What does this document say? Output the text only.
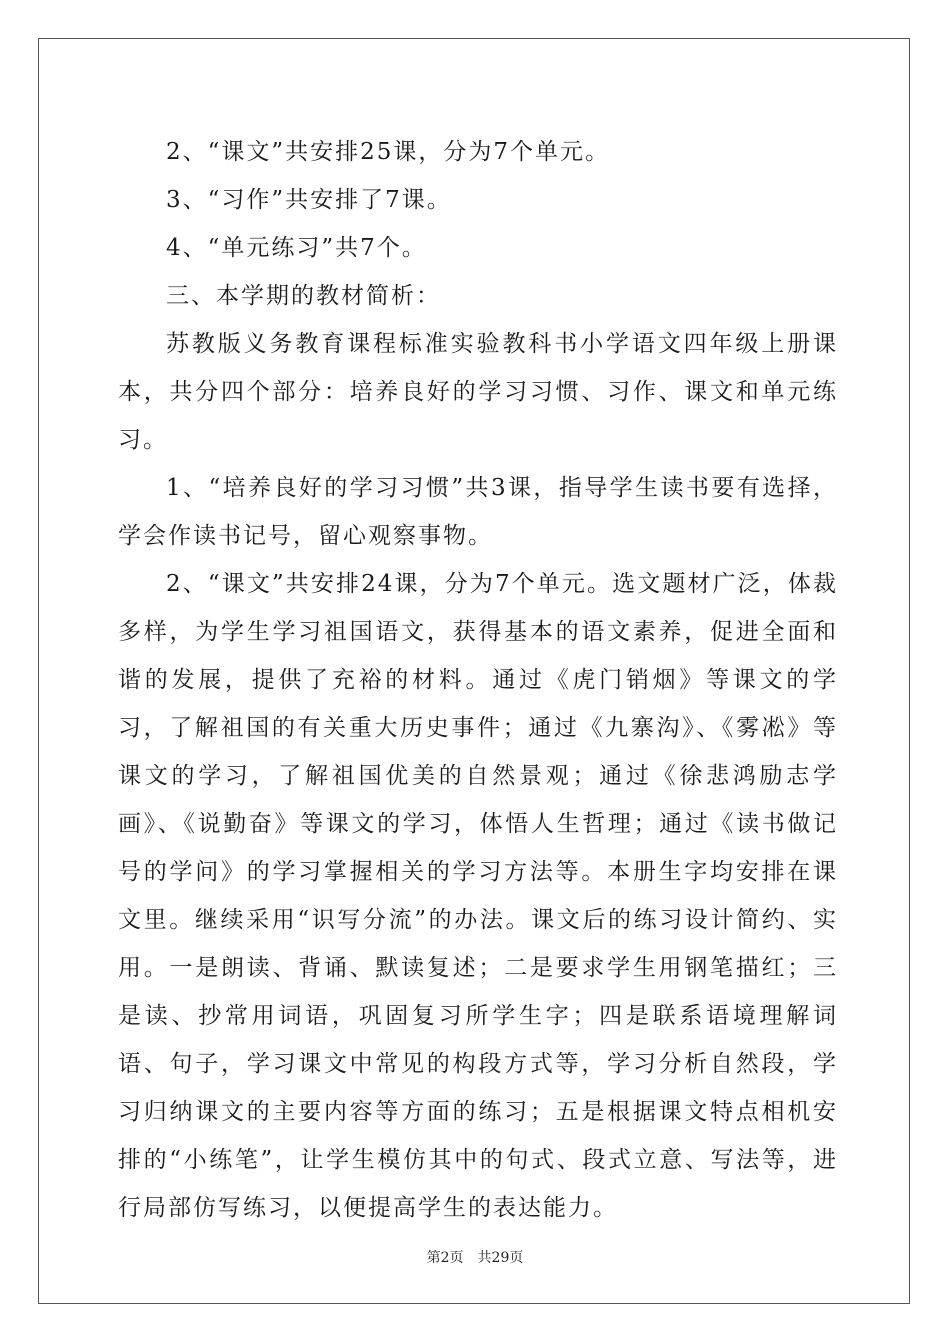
2、“课文”共安排25课，分为7个单元。

3、“习作”共安排了7课。

4、“单元练习”共7个。

三、本学期的教材简析：

苏教版义务教育课程标准实验教科书小学语文四年级上册课本，共分四个部分：培养良好的学习习惯、习作、课文和单元练习。

1、“培养良好的学习习惯”共3课，指导学生读书要有选择，学会作读书记号，留心观察事物。

2、“课文”共安排24课，分为7个单元。选文题材广泛，体裁多样，为学生学习祖国语文，获得基本的语文素养，促进全面和谐的发展，提供了充裕的材料。通过《虎门销烟》等课文的学习，了解祖国的有关重大历史事件；通过《九寨沟》、《雾凇》等课文的学习，了解祖国优美的自然景观；通过《徐悲鸿励志学画》、《说勤奋》等课文的学习，体悟人生哲理；通过《读书做记号的学问》的学习掌握相关的学习方法等。本册生字均安排在课文里。继续采用“识写分流”的办法。课文后的练习设计简约、实用。一是朗读、背诵、默读复述；二是要求学生用钢笔描红；三是读、抄常用词语，巩固复习所学生字；四是联系语境理解词语、句子，学习课文中常见的构段方式等，学习分析自然段，学习归纳课文的主要内容等方面的练习；五是根据课文特点相机安排的“小练笔”，让学生模仿其中的句式、段式立意、写法等，进行局部仿写练习，以便提高学生的表达能力。

第2页 共29页
